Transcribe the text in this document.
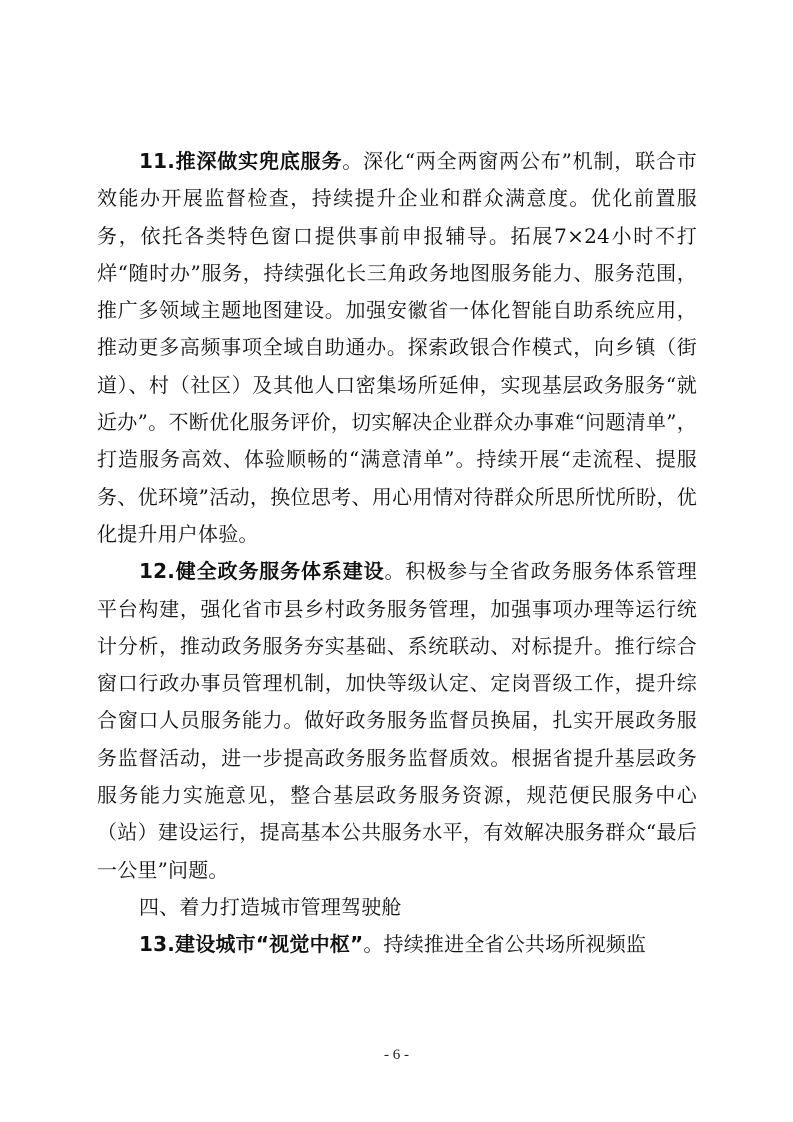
11.推深做实兜底服务。深化“两全两窗两公布”机制，联合市效能办开展监督检查，持续提升企业和群众满意度。优化前置服务，依托各类特色窗口提供事前申报辅导。拓展7×24小时不打烊“随时办”服务，持续强化长三角政务地图服务能力、服务范围，推广多领域主题地图建设。加强安徽省一体化智能自助系统应用，推动更多高频事项全域自助通办。探索政银合作模式，向乡镇（街道）、村（社区）及其他人口密集场所延伸，实现基层政务服务“就近办”。不断优化服务评价，切实解决企业群众办事难“问题清单”，打造服务高效、体验顺畅的“满意清单”。持续开展“走流程、提服务、优环境”活动，换位思考、用心用情对待群众所思所忧所盼，优化提升用户体验。

12.健全政务服务体系建设。积极参与全省政务服务体系管理平台构建，强化省市县乡村政务服务管理，加强事项办理等运行统计分析，推动政务服务夯实基础、系统联动、对标提升。推行综合窗口行政办事员管理机制，加快等级认定、定岗晋级工作，提升综合窗口人员服务能力。做好政务服务监督员换届，扎实开展政务服务监督活动，进一步提高政务服务监督质效。根据省提升基层政务服务能力实施意见，整合基层政务服务资源，规范便民服务中心（站）建设运行，提高基本公共服务水平，有效解决服务群众“最后一公里”问题。

四、着力打造城市管理驾驶舱

13.建设城市“视觉中枢”。持续推进全省公共场所视频监

- 6 -
